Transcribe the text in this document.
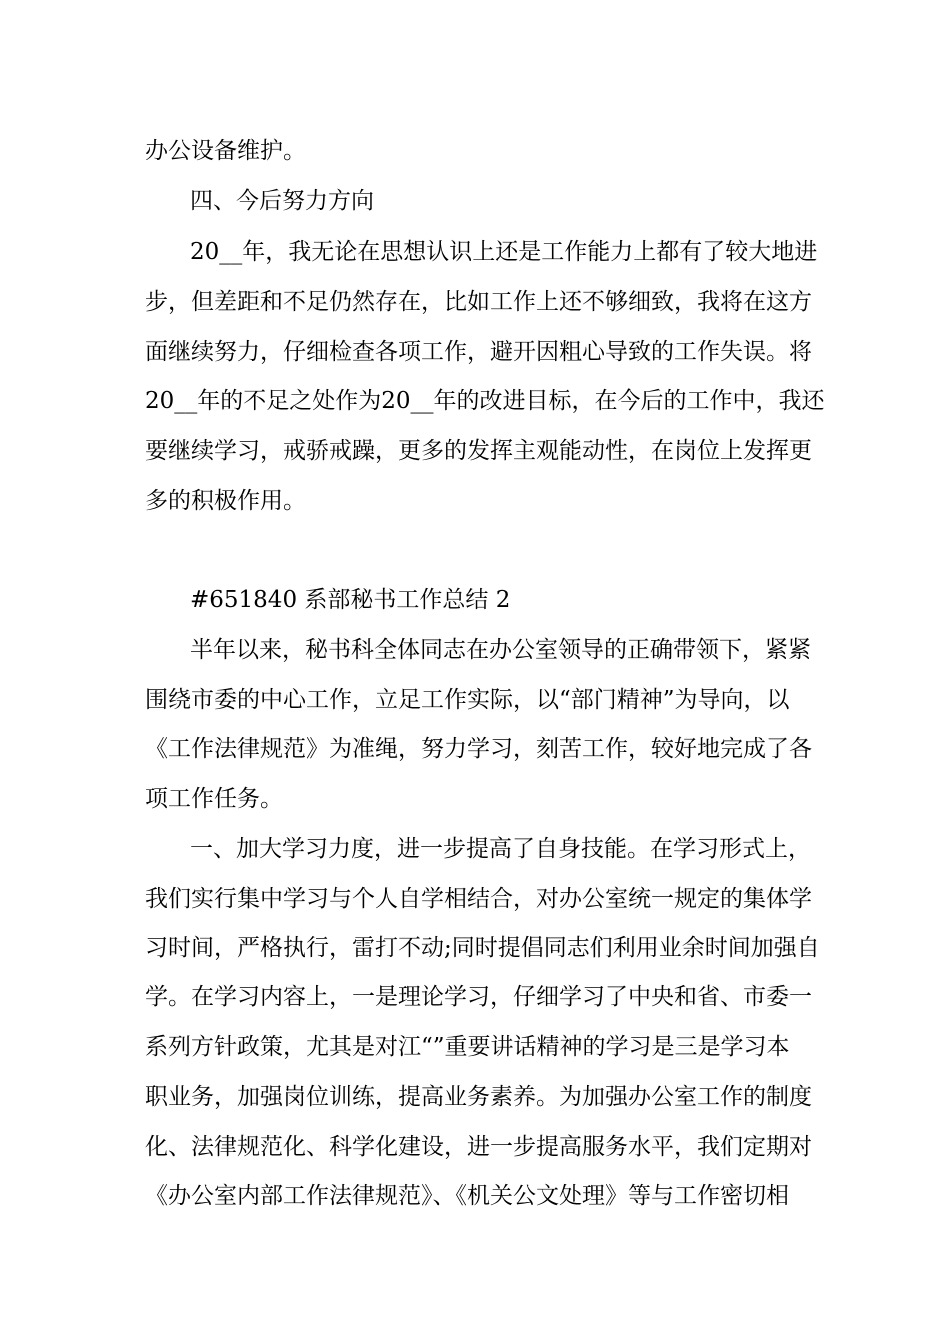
办公设备维护。
四、今后努力方向
20__年，我无论在思想认识上还是工作能力上都有了较大地进
步，但差距和不足仍然存在，比如工作上还不够细致，我将在这方
面继续努力，仔细检查各项工作，避开因粗心导致的工作失误。将
20__年的不足之处作为20__年的改进目标，在今后的工作中，我还
要继续学习，戒骄戒躁，更多的发挥主观能动性，在岗位上发挥更
多的积极作用。
#651840 系部秘书工作总结 2
半年以来，秘书科全体同志在办公室领导的正确带领下，紧紧
围绕市委的中心工作，立足工作实际，以“部门精神”为导向，以
《工作法律规范》为准绳，努力学习，刻苦工作，较好地完成了各
项工作任务。
一、加大学习力度，进一步提高了自身技能。在学习形式上，
我们实行集中学习与个人自学相结合，对办公室统一规定的集体学
习时间，严格执行，雷打不动;同时提倡同志们利用业余时间加强自
学。在学习内容上，一是理论学习，仔细学习了中央和省、市委一
系列方针政策，尤其是对江“”重要讲话精神的学习是三是学习本
职业务，加强岗位训练，提高业务素养。为加强办公室工作的制度
化、法律规范化、科学化建设，进一步提高服务水平，我们定期对
《办公室内部工作法律规范》、《机关公文处理》等与工作密切相
